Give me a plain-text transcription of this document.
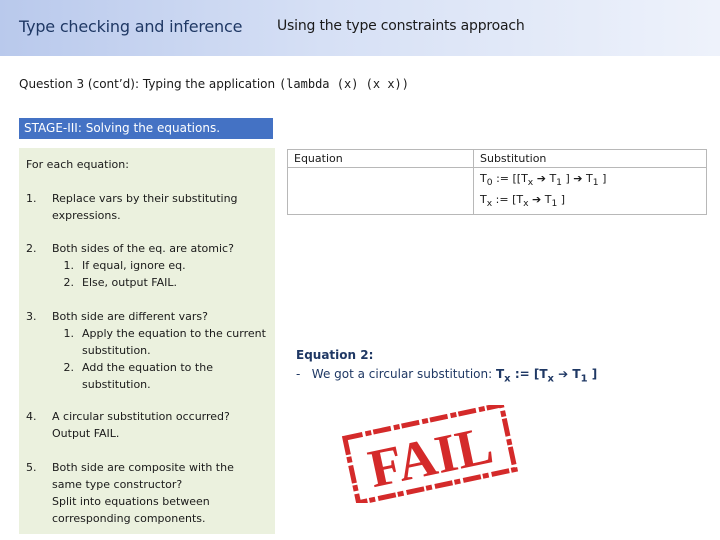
Type checking and inference Using the type constraints approach
Question 3 (cont’d): Typing the application (lambda (x) (x x))
STAGE-III: Solving the equations.
For each equation:
1. Replace vars by their substituting expressions.
2. Both sides of the eq. are atomic?
1. If equal, ignore eq.
2. Else, output FAIL.
3. Both side are different vars?
1. Apply the equation to the current substitution.
2. Add the equation to the substitution.
4. A circular substitution occurred? Output FAIL.
5. Both side are composite with the same type constructor?
Split into equations between corresponding components.
Equation	Substitution

	$T_0$ := [[$T_x$ ➔ $T_1$ ] ➔ $T_1$ ]
$T_x$ := [$T_x$ ➔ $T_1$ ]
Equation 2:
- We got a circular substitution: $T_x$ := [$T_x$ ➔ $T_1$ ]
FAIL
